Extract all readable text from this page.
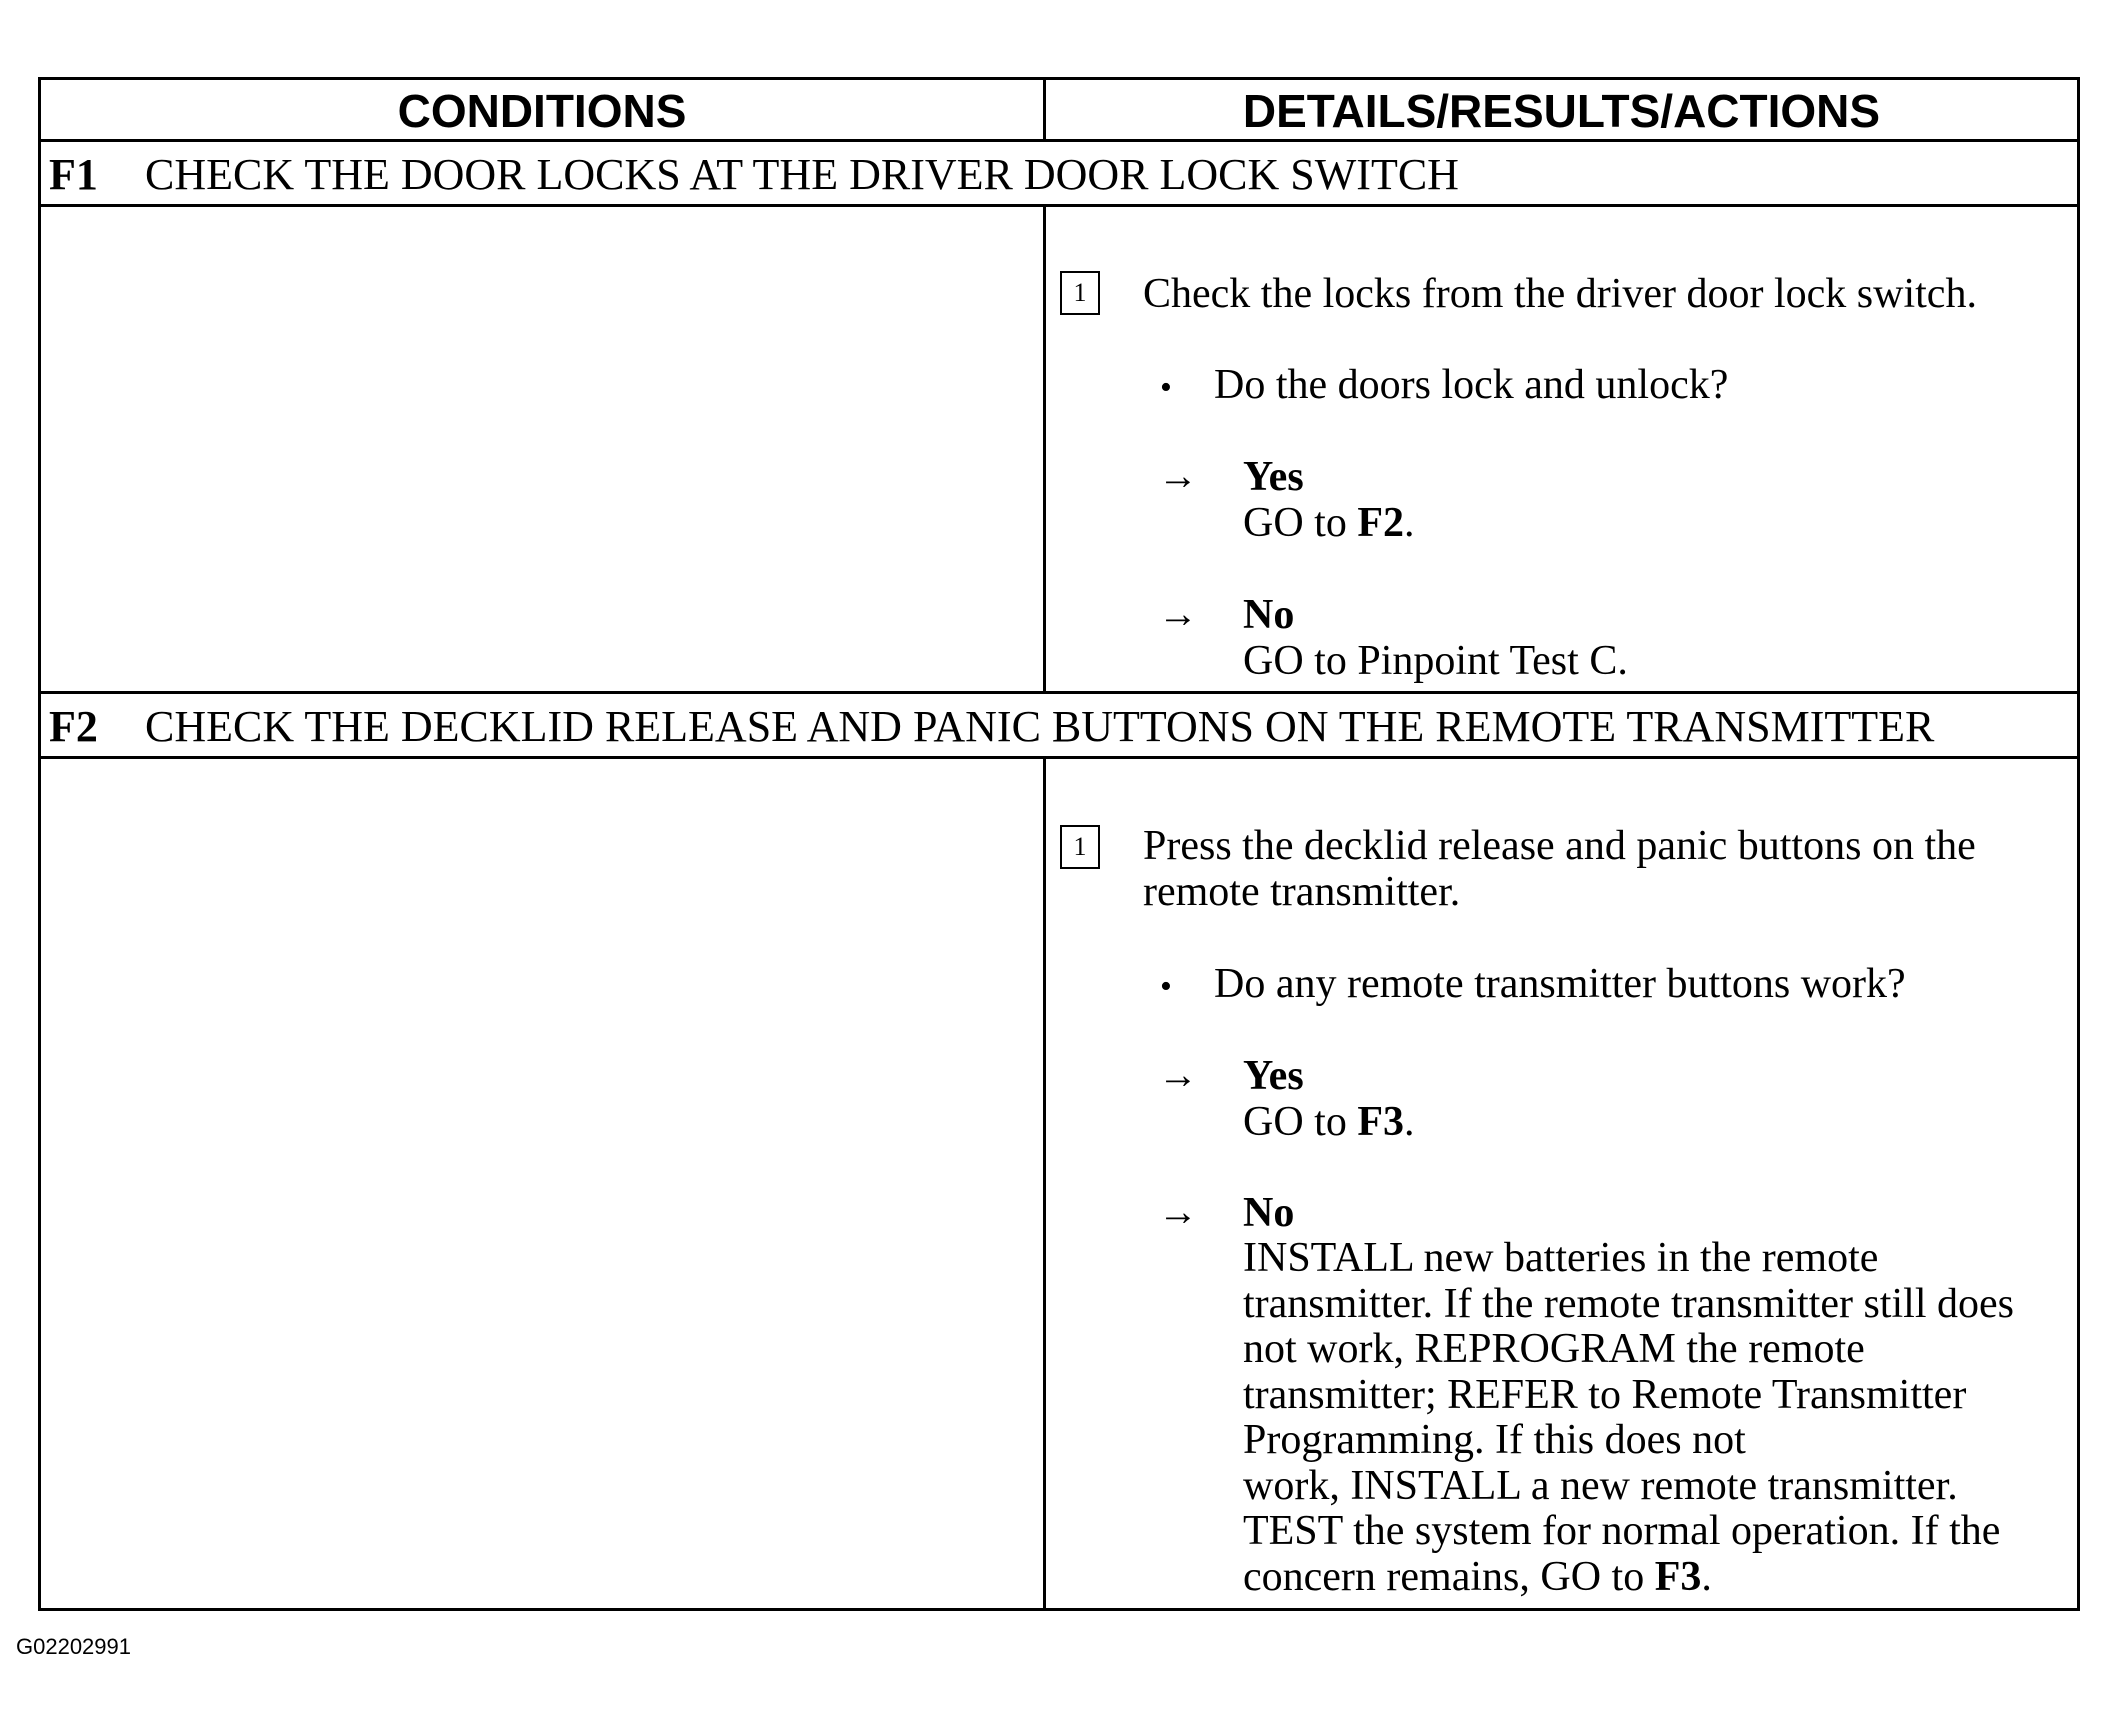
CONDITIONS	DETAILS/RESULTS/ACTIONS
F1 CHECK THE DOOR LOCKS AT THE DRIVER DOOR LOCK SWITCH
1	Check the locks from the driver door lock switch.
• Do the doors lock and unlock?
→ Yes
GO to F2.
→ No
GO to Pinpoint Test C.
F2 CHECK THE DECKLID RELEASE AND PANIC BUTTONS ON THE REMOTE TRANSMITTER
1	Press the decklid release and panic buttons on the
remote transmitter.
• Do any remote transmitter buttons work?
→ Yes
GO to F3.
→ No
INSTALL new batteries in the remote
transmitter. If the remote transmitter still does
not work, REPROGRAM the remote
transmitter; REFER to Remote Transmitter
Programming. If this does not
work, INSTALL a new remote transmitter.
TEST the system for normal operation. If the
concern remains, GO to F3.
G02202991
